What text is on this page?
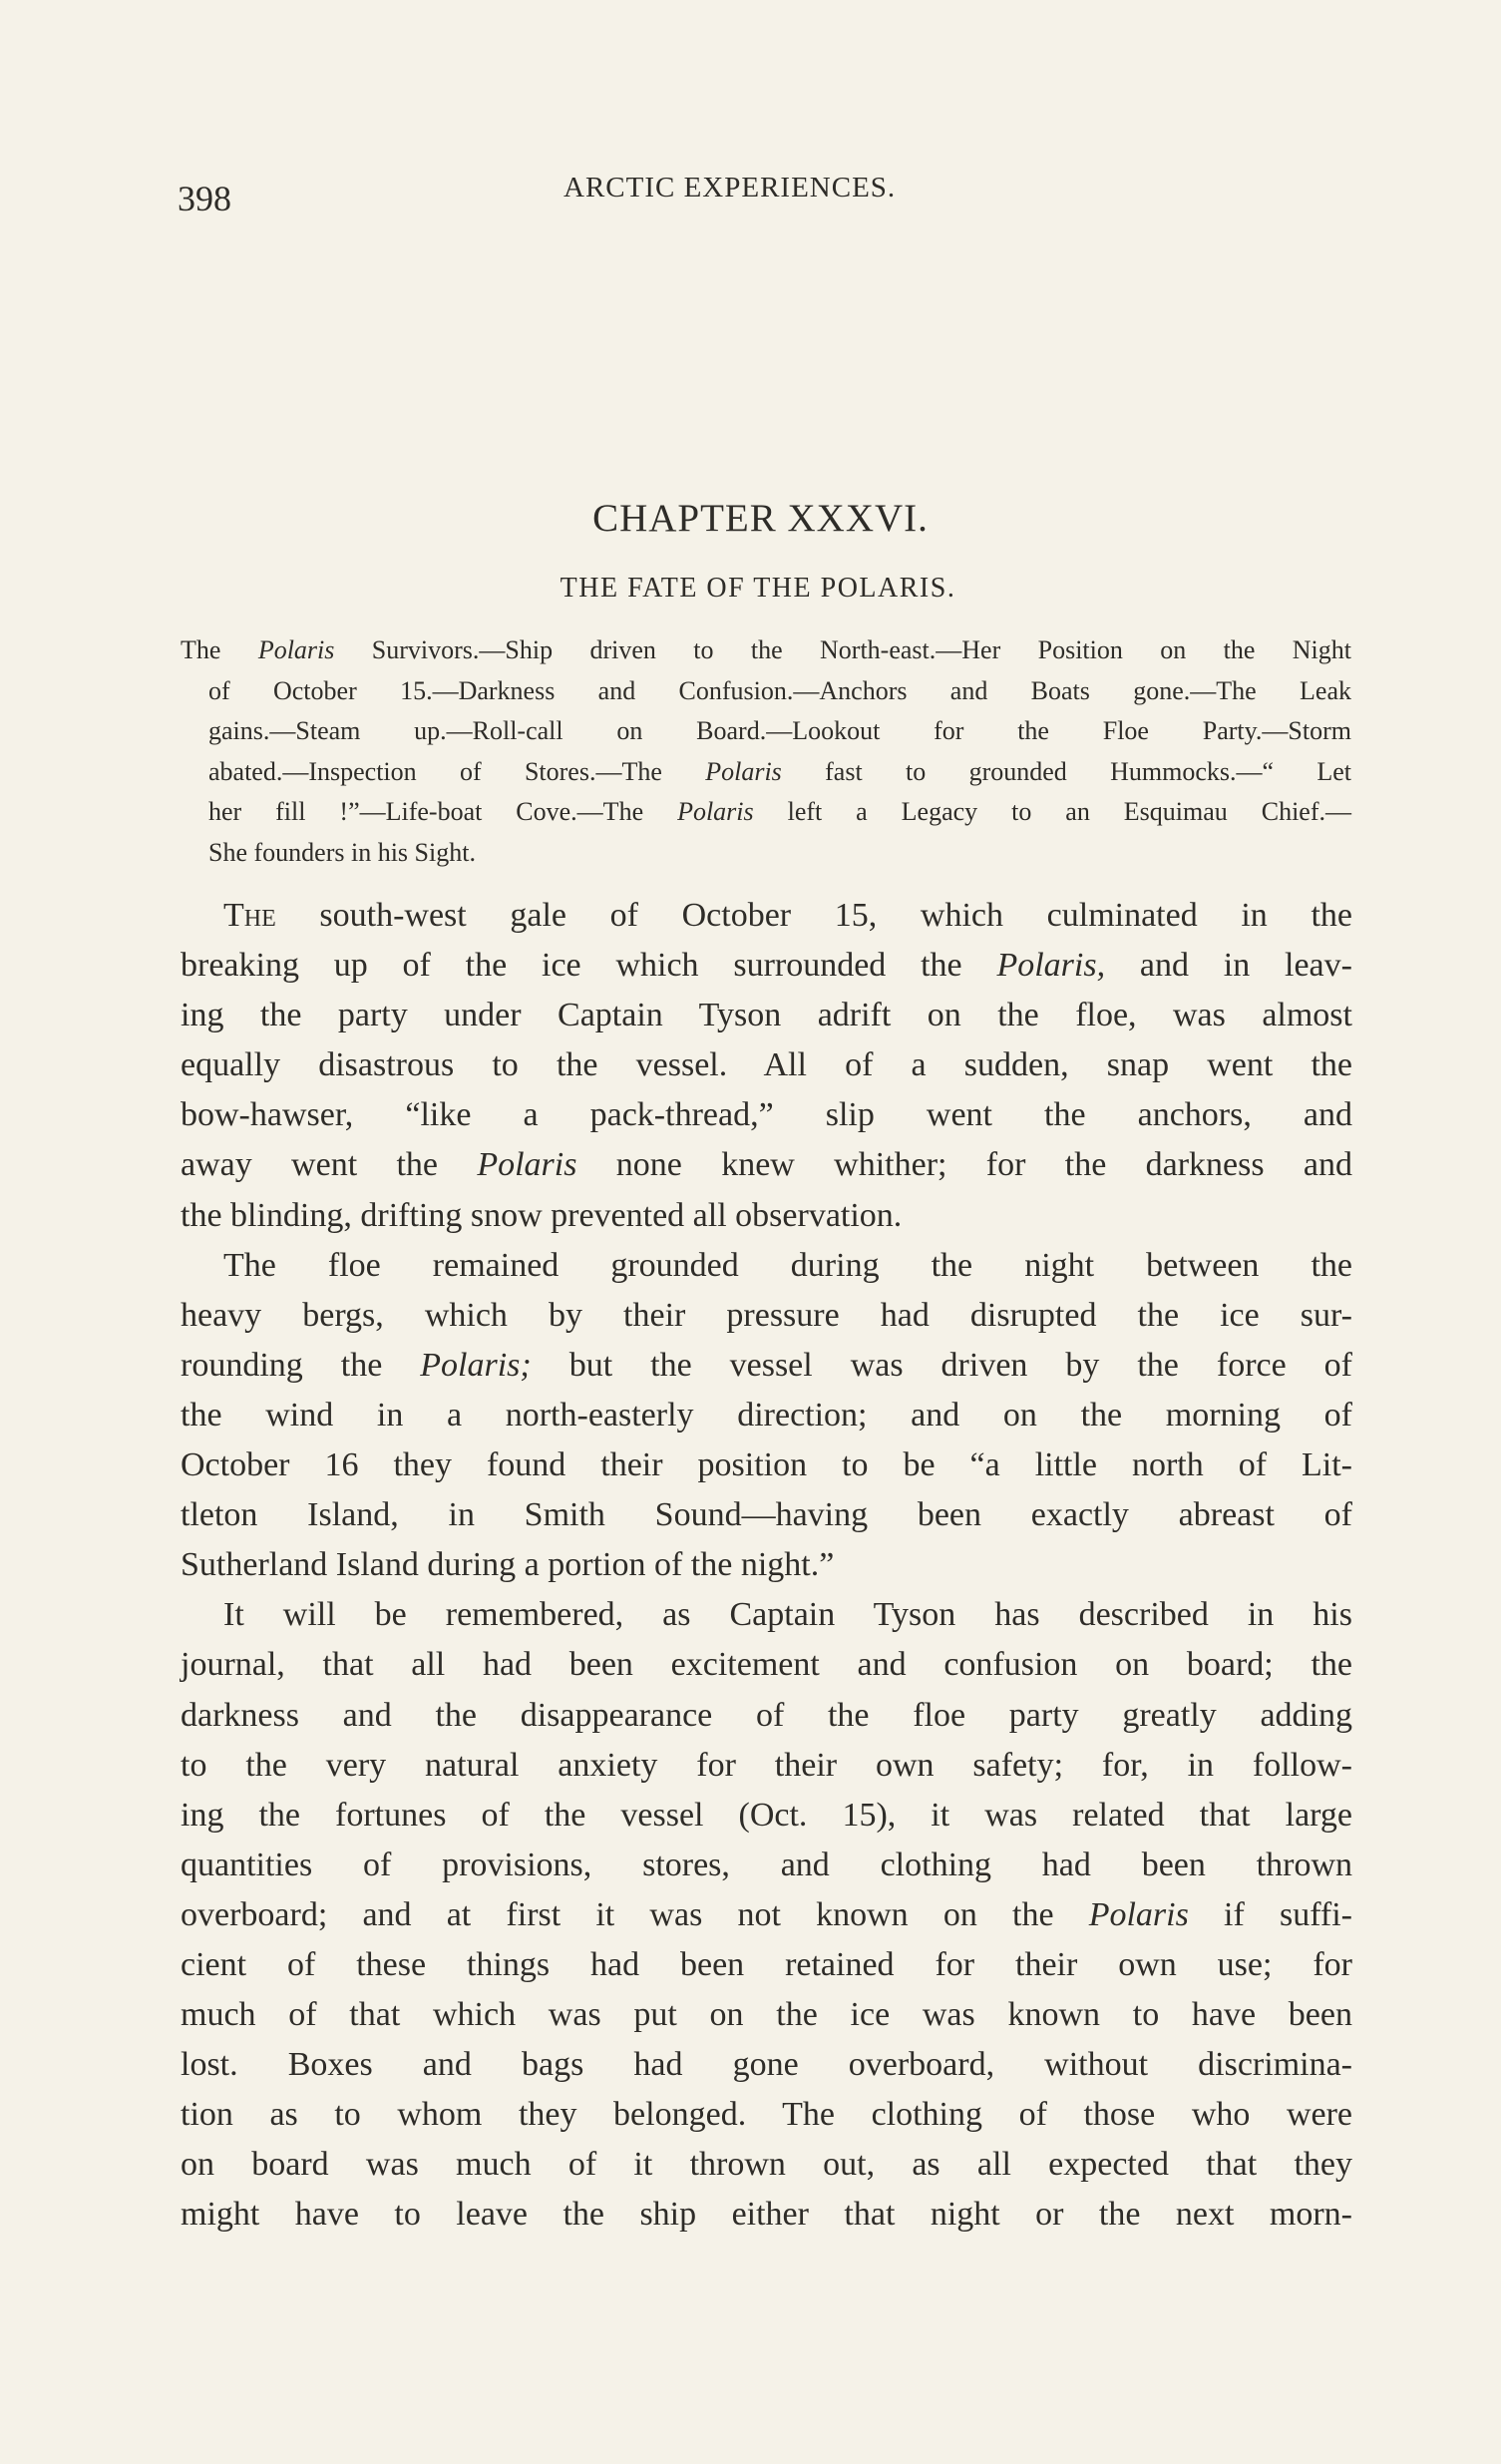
398	ARCTIC EXPERIENCES.
CHAPTER XXXVI.
THE FATE OF THE POLARIS.
The Polaris Survivors.—Ship driven to the North-east.—Her Position on the Night
of October 15.—Darkness and Confusion.—Anchors and Boats gone.—The Leak
gains.—Steam up.—Roll-call on Board.—Lookout for the Floe Party.—Storm
abated.—Inspection of Stores.—The Polaris fast to grounded Hummocks.—“ Let
her fill !”—Life-boat Cove.—The Polaris left a Legacy to an Esquimau Chief.—
She founders in his Sight.
The south-west gale of October 15, which culminated in the
breaking up of the ice which surrounded the Polaris, and in leav-
ing the party under Captain Tyson adrift on the floe, was almost
equally disastrous to the vessel. All of a sudden, snap went the
bow-hawser, “like a pack-thread,” slip went the anchors, and
away went the Polaris none knew whither; for the darkness and
the blinding, drifting snow prevented all observation.
The floe remained grounded during the night between the
heavy bergs, which by their pressure had disrupted the ice sur-
rounding the Polaris; but the vessel was driven by the force of
the wind in a north-easterly direction; and on the morning of
October 16 they found their position to be “a little north of Lit-
tleton Island, in Smith Sound—having been exactly abreast of
Sutherland Island during a portion of the night.”
It will be remembered, as Captain Tyson has described in his
journal, that all had been excitement and confusion on board; the
darkness and the disappearance of the floe party greatly adding
to the very natural anxiety for their own safety; for, in follow-
ing the fortunes of the vessel (Oct. 15), it was related that large
quantities of provisions, stores, and clothing had been thrown
overboard; and at first it was not known on the Polaris if suffi-
cient of these things had been retained for their own use; for
much of that which was put on the ice was known to have been
lost. Boxes and bags had gone overboard, without discrimina-
tion as to whom they belonged. The clothing of those who were
on board was much of it thrown out, as all expected that they
might have to leave the ship either that night or the next morn-
